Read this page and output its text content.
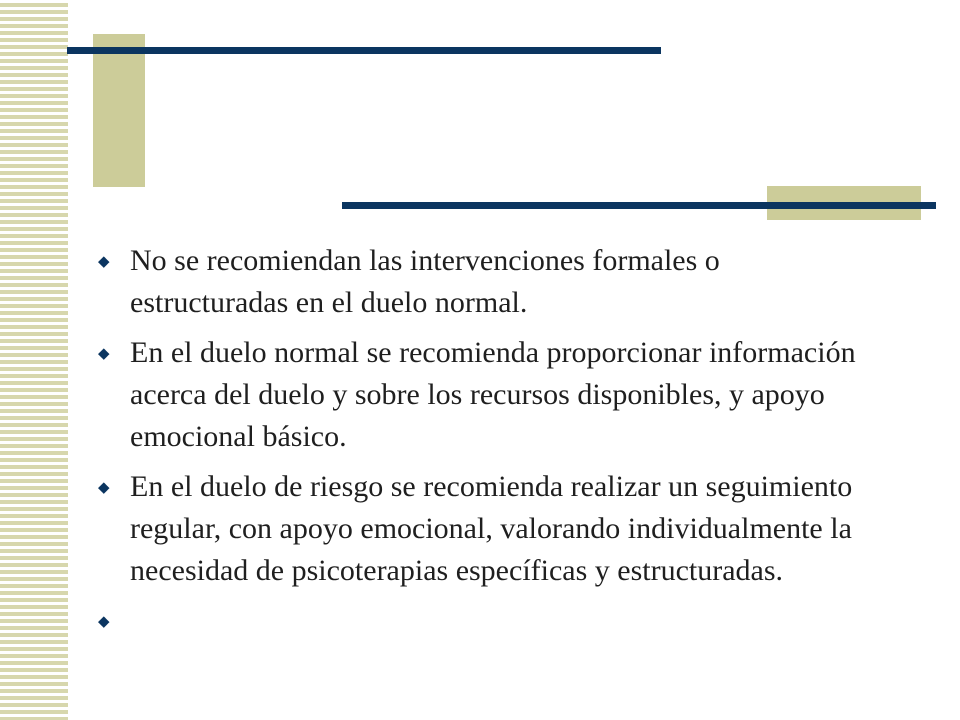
◆ No se recomiendan las intervenciones formales o estructuradas en el duelo normal.
◆ En el duelo normal se recomienda proporcionar información acerca del duelo y sobre los recursos disponibles, y apoyo emocional básico.
◆ En el duelo de riesgo se recomienda realizar un seguimiento regular, con apoyo emocional, valorando individualmente la necesidad de psicoterapias específicas y estructuradas.
◆
